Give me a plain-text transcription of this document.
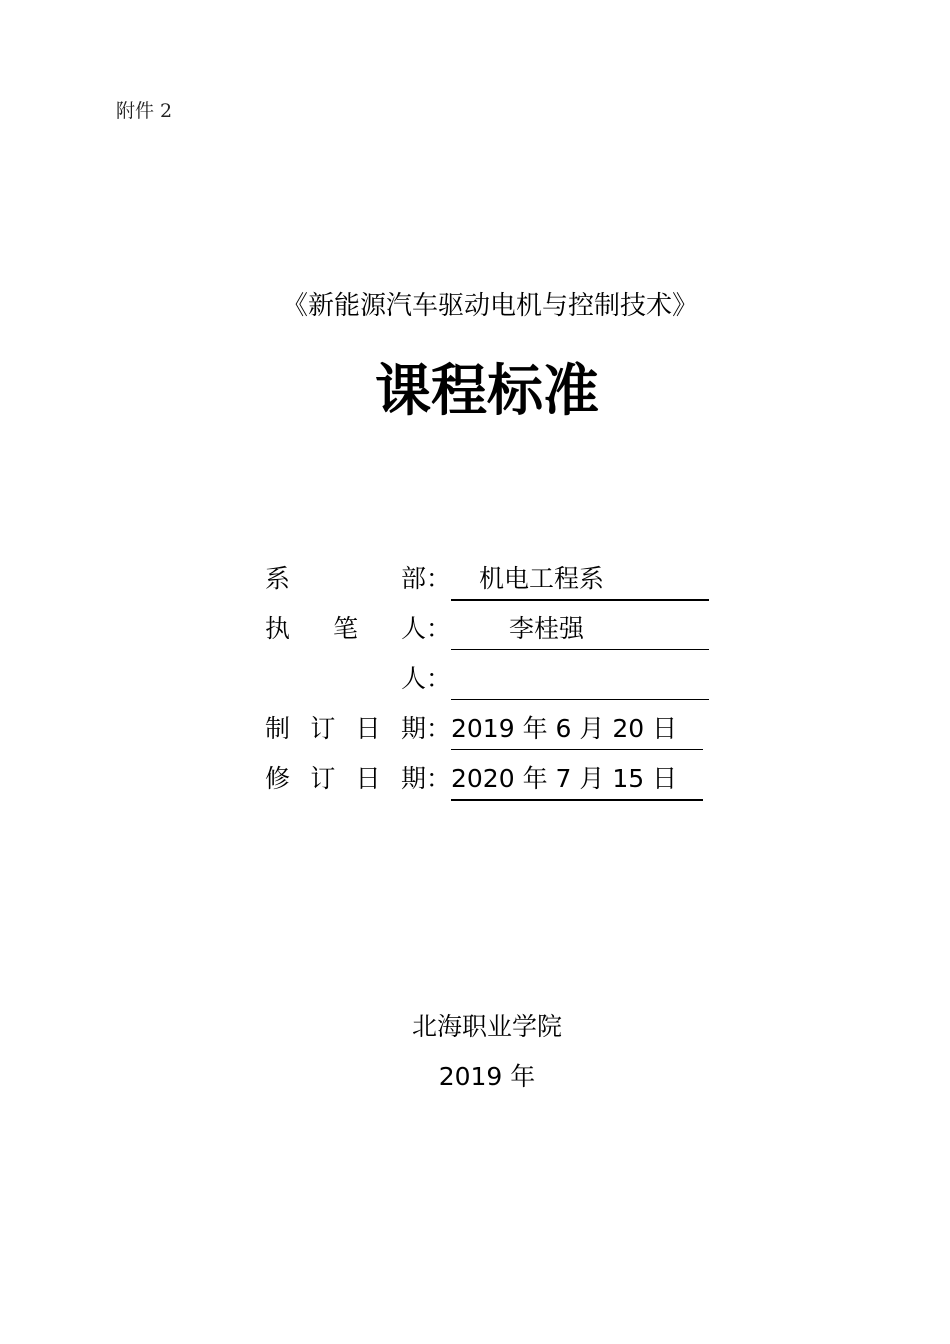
附件 2
《新能源汽车驱动电机与控制技术》
课程标准
系	部： 机电工程系
执 笔 人： 李桂强
人：
制 订 日 期： 2019 年 6 月 20 日
修 订 日 期： 2020 年 7 月 15 日
北海职业学院
2019 年
